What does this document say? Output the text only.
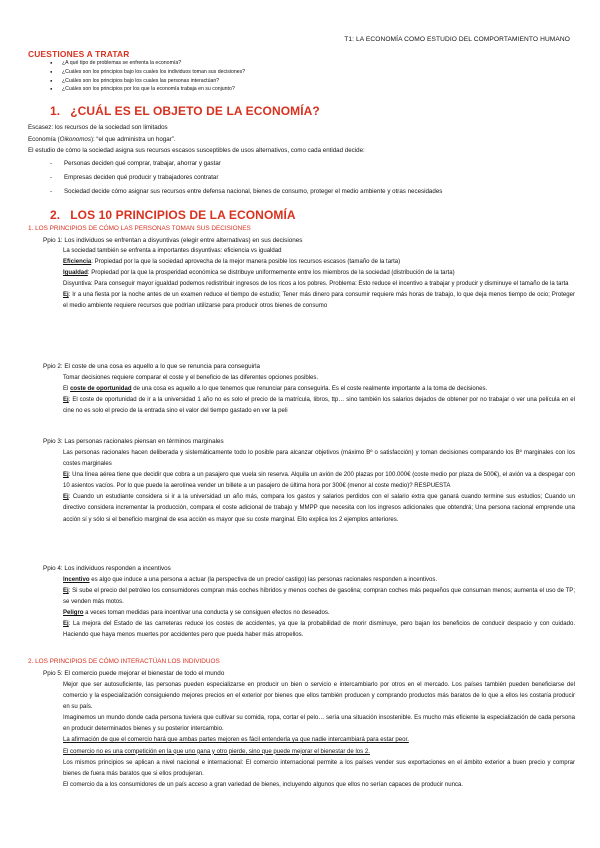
T1: LA ECONOMÍA COMO ESTUDIO DEL COMPORTAMIENTO HUMANO
CUESTIONES A TRATAR
● ¿A qué tipo de problemas se enfrenta la economía?
● ¿Cuáles son los principios bajo los cuales los individuos toman sus decisiones?
● ¿Cuáles son los principios bajo los cuales las personas interactúan?
● ¿Cuáles son los principios por los que la economía trabaja en su conjunto?
1. ¿CUÁL ES EL OBJETO DE LA ECONOMÍA?
Escasez: los recursos de la sociedad son limitados
Economía (Oikonomos): “el que administra un hogar”.
El estudio de cómo la sociedad asigna sus recursos escasos susceptibles de usos alternativos, como cada entidad decide:
- Personas deciden qué comprar, trabajar, ahorrar y gastar
- Empresas deciden qué producir y trabajadores contratar
- Sociedad decide cómo asignar sus recursos entre defensa nacional, bienes de consumo, proteger el medio ambiente y otras necesidades
2. LOS 10 PRINCIPIOS DE LA ECONOMÍA
1. LOS PRINCIPIOS DE CÓMO LAS PERSONAS TOMAN SUS DECISIONES
Ppio 1: Los individuos se enfrentan a disyuntivas (elegir entre alternativas) en sus decisiones
La sociedad también se enfrenta a importantes disyuntivas: eficiencia vs igualdad
Eficiencia: Propiedad por la que la sociedad aprovecha de la mejor manera posible los recursos escasos (tamaño de la tarta)
Igualdad: Propiedad por la que la prosperidad económica se distribuye uniformemente entre los miembros de la sociedad (distribución de la tarta)
Disyuntiva: Para conseguir mayor igualdad podemos redistribuir ingresos de los ricos a los pobres. Problema: Esto reduce el incentivo a trabajar y producir y disminuye el tamaño de la tarta
Ej: Ir a una fiesta por la noche antes de un examen reduce el tiempo de estudio; Tener más dinero para consumir requiere más horas de trabajo, lo que deja menos tiempo de ocio; Proteger el medio ambiente requiere recursos que podrían utilizarse para producir otros bienes de consumo
Ppio 2: El coste de una cosa es aquello a lo que se renuncia para conseguirla
Tomar decisiones requiere comparar el coste y el beneficio de las diferentes opciones posibles.
El coste de oportunidad de una cosa es aquello a lo que tenemos que renunciar para conseguirla. Es el coste realmente importante a la toma de decisiones.
Ej: El coste de oportunidad de ir a la universidad 1 año no es solo el precio de la matrícula, libros, ttp… sino también los salarios dejados de obtener por no trabajar o ver una película en el cine no es solo el precio de la entrada sino el valor del tiempo gastado en ver la peli
Ppio 3: Las personas racionales piensan en términos marginales
Las personas racionales hacen deliberada y sistemáticamente todo lo posible para alcanzar objetivos (máximo Bº o satisfacción) y toman decisiones comparando los Bº marginales con los costes marginales
Ej: Una línea aérea tiene que decidir que cobra a un pasajero que vuela sin reserva. Alquila un avión de 200 plazas por 100.000€ (coste medio por plaza de 500€), el avión va a despegar con 10 asientos vacíos. Por lo que puede la aerolínea vender un billete a un pasajero de última hora por 300€ (menor al coste medio)? RESPUESTA
Ej: Cuando un estudiante considera si ir a la universidad un año más, compara los gastos y salarios perdidos con el salario extra que ganará cuando termine sus estudios; Cuando un directivo considera incrementar la producción, compara el coste adicional de trabajo y MMPP que necesita con los ingresos adicionales que obtendrá; Una persona racional emprende una acción sí y sólo si el beneficio marginal de esa acción es mayor que su coste marginal. Ello explica los 2 ejemplos anteriores.
Ppio 4: Los individuos responden a incentivos
Incentivo es algo que induce a una persona a actuar (la perspectiva de un precio/ castigo) las personas racionales responden a incentivos.
Ej: Si sube el precio del petróleo los consumidores compran más coches híbridos y menos coches de gasolina; compran coches más pequeños que consuman menos; aumenta el uso de TP; se venden más motos.
Peligro a veces toman medidas para incentivar una conducta y se consiguen efectos no deseados.
Ej: La mejora del Estado de las carreteras reduce los costes de accidentes, ya que la probabilidad de morir disminuye, pero bajan los beneficios de conducir despacio y con cuidado. Haciendo que haya menos muertes por accidentes pero que pueda haber más atropellos.
2. LOS PRINCIPIOS DE CÓMO INTERACTÚAN LOS INDIVIDUOS
Ppio 5: El comercio puede mejorar el bienestar de todo el mundo
Mejor que ser autosuficiente, las personas pueden especializarse en producir un bien o servicio e intercambiarlo por otros en el mercado. Los países también pueden beneficiarse del comercio y la especialización consiguiendo mejores precios en el exterior por bienes que ellos también producen y comprando productos más baratos de lo que a ellos les costaría producir en su país.
Imaginemos un mundo donde cada persona tuviera que cultivar su comida, ropa, cortar el pelo… sería una situación insostenible. Es mucho más eficiente la especialización de cada persona en producir determinados bienes y su posterior intercambio.
La afirmación de que el comercio hará que ambas partes mejoren es fácil entenderla ya que nadie intercambiará para estar peor.
El comercio no es una competición en la que uno gana y otro pierde, sino que puede mejorar el bienestar de los 2.
Los mismos principios se aplican a nivel nacional e internacional: El comercio internacional permite a los países vender sus exportaciones en el ámbito exterior a buen precio y comprar bienes de fuera más baratos que si ellos produjeran.
El comercio da a los consumidores de un país acceso a gran variedad de bienes, incluyendo algunos que ellos no serían capaces de producir nunca.
